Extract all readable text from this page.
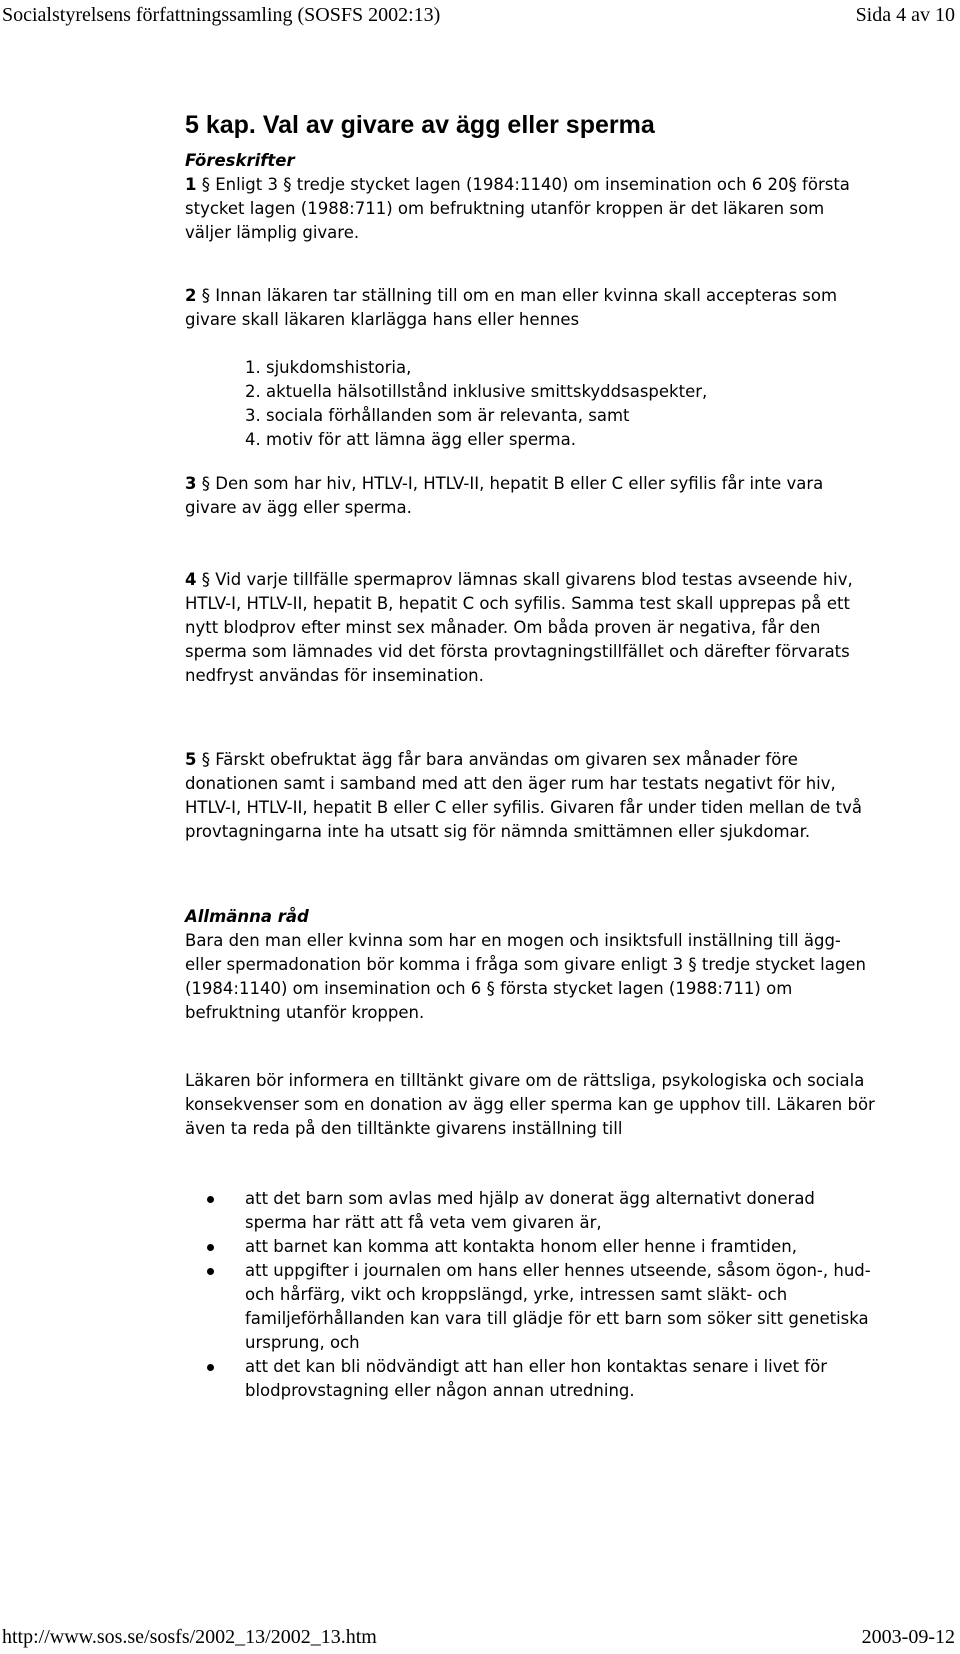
Socialstyrelsens författningssamling (SOSFS 2002:13)	Sida 4 av 10
5 kap. Val av givare av ägg eller sperma

Föreskrifter

1 § Enligt 3 § tredje stycket lagen (1984:1140) om insemination och 6 20§ första stycket lagen (1988:711) om befruktning utanför kroppen är det läkaren som väljer lämplig givare.

2 § Innan läkaren tar ställning till om en man eller kvinna skall accepteras som givare skall läkaren klarlägga hans eller hennes

1. sjukdomshistoria,
2. aktuella hälsotillstånd inklusive smittskyddsaspekter,
3. sociala förhållanden som är relevanta, samt
4. motiv för att lämna ägg eller sperma.

3 § Den som har hiv, HTLV-I, HTLV-II, hepatit B eller C eller syfilis får inte vara givare av ägg eller sperma.

4 § Vid varje tillfälle spermaprov lämnas skall givarens blod testas avseende hiv, HTLV-I, HTLV-II, hepatit B, hepatit C och syfilis. Samma test skall upprepas på ett nytt blodprov efter minst sex månader. Om båda proven är negativa, får den sperma som lämnades vid det första provtagningstillfället och därefter förvarats nedfryst användas för insemination.

5 § Färskt obefruktat ägg får bara användas om givaren sex månader före donationen samt i samband med att den äger rum har testats negativt för hiv, HTLV-I, HTLV-II, hepatit B eller C eller syfilis. Givaren får under tiden mellan de två provtagningarna inte ha utsatt sig för nämnda smittämnen eller sjukdomar.

Allmänna råd

Bara den man eller kvinna som har en mogen och insiktsfull inställning till ägg- eller spermadonation bör komma i fråga som givare enligt 3 § tredje stycket lagen (1984:1140) om insemination och 6 § första stycket lagen (1988:711) om befruktning utanför kroppen.

Läkaren bör informera en tilltänkt givare om de rättsliga, psykologiska och sociala konsekvenser som en donation av ägg eller sperma kan ge upphov till. Läkaren bör även ta reda på den tilltänkte givarens inställning till

att det barn som avlas med hjälp av donerat ägg alternativt donerad sperma har rätt att få veta vem givaren är,
att barnet kan komma att kontakta honom eller henne i framtiden,
att uppgifter i journalen om hans eller hennes utseende, såsom ögon-, hud- och hårfärg, vikt och kroppslängd, yrke, intressen samt släkt- och familjeförhållanden kan vara till glädje för ett barn som söker sitt genetiska ursprung, och
att det kan bli nödvändigt att han eller hon kontaktas senare i livet för blodprovstagning eller någon annan utredning.
http://www.sos.se/sosfs/2002_13/2002_13.htm	2003-09-12
